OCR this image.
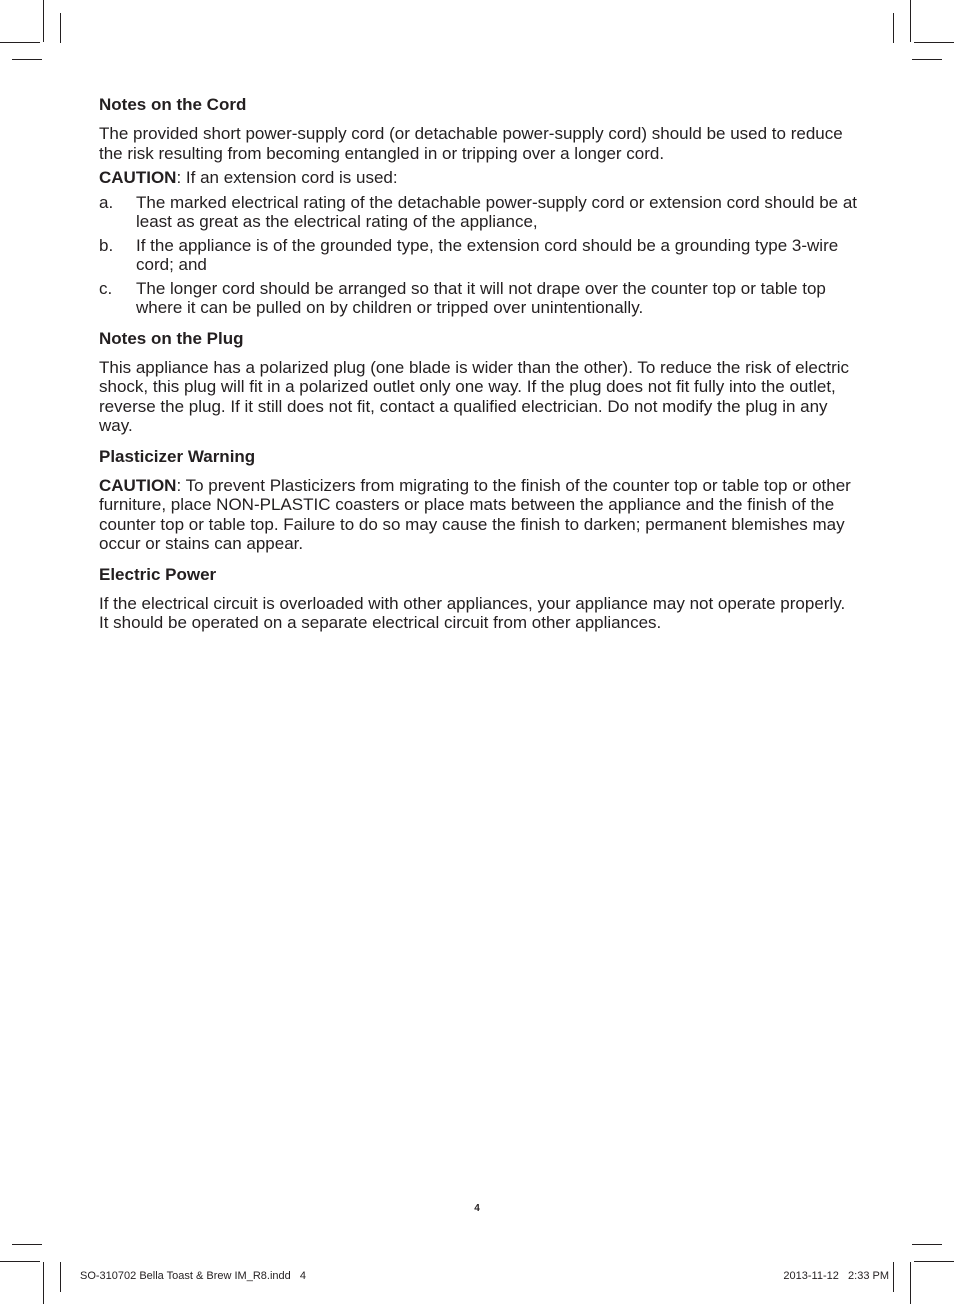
Notes on the Cord

The provided short power-supply cord (or detachable power-supply cord) should be used to reduce the risk resulting from becoming entangled in or tripping over a longer cord.

CAUTION: If an extension cord is used:

a. The marked electrical rating of the detachable power-supply cord or extension cord should be at least as great as the electrical rating of the appliance,
b. If the appliance is of the grounded type, the extension cord should be a grounding type 3-wire cord; and
c. The longer cord should be arranged so that it will not drape over the counter top or table top where it can be pulled on by children or tripped over unintentionally.
Notes on the Plug

This appliance has a polarized plug (one blade is wider than the other). To reduce the risk of electric shock, this plug will fit in a polarized outlet only one way. If the plug does not fit fully into the outlet, reverse the plug. If it still does not fit, contact a qualified electrician. Do not modify the plug in any way.

Plasticizer Warning

CAUTION: To prevent Plasticizers from migrating to the finish of the counter top or table top or other furniture, place NON-PLASTIC coasters or place mats between the appliance and the finish of the counter top or table top. Failure to do so may cause the finish to darken; permanent blemishes may occur or stains can appear.

Electric Power

If the electrical circuit is overloaded with other appliances, your appliance may not operate properly. It should be operated on a separate electrical circuit from other appliances.

4
SO-310702 Bella Toast & Brew IM_R8.indd   4	2013-11-12   2:33 PM
